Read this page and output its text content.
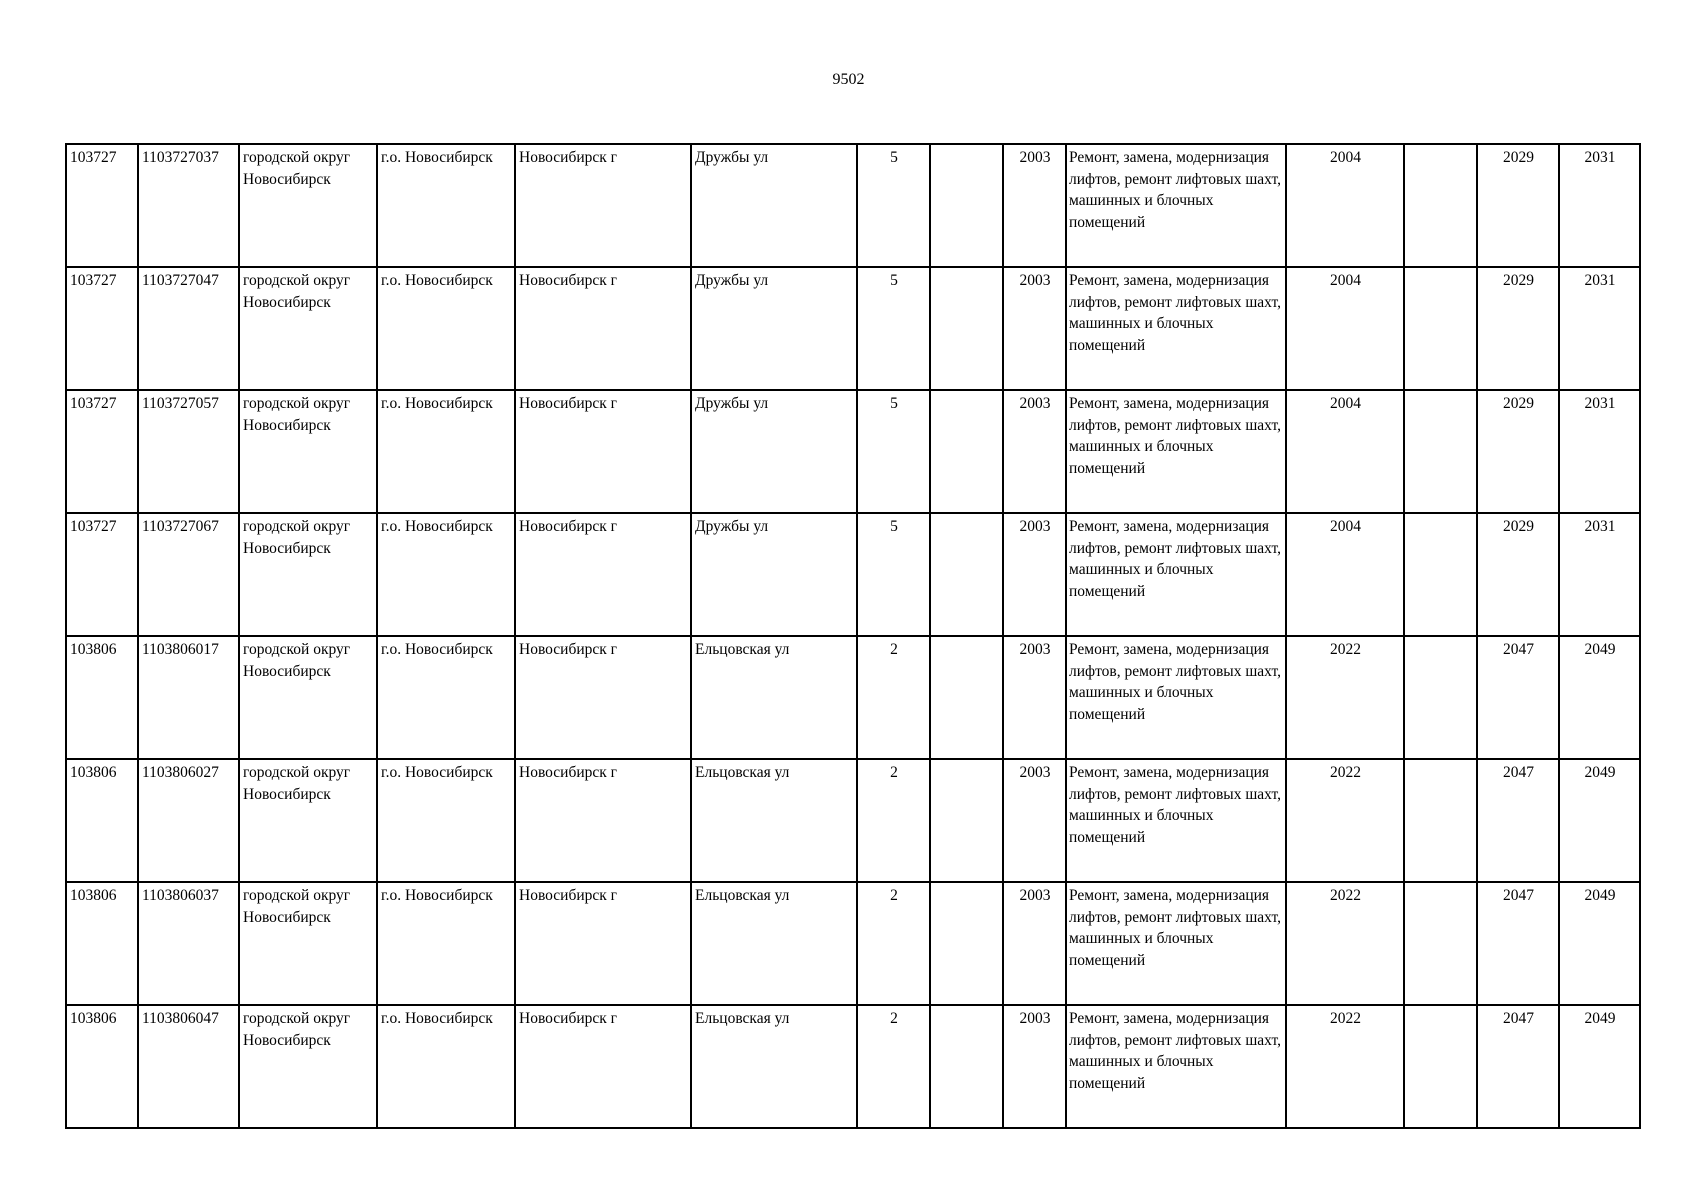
9502
103727	1103727037	городской округ Новосибирск	г.о. Новосибирск	Новосибирск г	Дружбы ул	5		2003	Ремонт, замена, модернизация лифтов, ремонт лифтовых шахт, машинных и блочных помещений	2004		2029	2031
103727	1103727047	городской округ Новосибирск	г.о. Новосибирск	Новосибирск г	Дружбы ул	5		2003	Ремонт, замена, модернизация лифтов, ремонт лифтовых шахт, машинных и блочных помещений	2004		2029	2031
103727	1103727057	городской округ Новосибирск	г.о. Новосибирск	Новосибирск г	Дружбы ул	5		2003	Ремонт, замена, модернизация лифтов, ремонт лифтовых шахт, машинных и блочных помещений	2004		2029	2031
103727	1103727067	городской округ Новосибирск	г.о. Новосибирск	Новосибирск г	Дружбы ул	5		2003	Ремонт, замена, модернизация лифтов, ремонт лифтовых шахт, машинных и блочных помещений	2004		2029	2031
103806	1103806017	городской округ Новосибирск	г.о. Новосибирск	Новосибирск г	Ельцовская ул	2		2003	Ремонт, замена, модернизация лифтов, ремонт лифтовых шахт, машинных и блочных помещений	2022		2047	2049
103806	1103806027	городской округ Новосибирск	г.о. Новосибирск	Новосибирск г	Ельцовская ул	2		2003	Ремонт, замена, модернизация лифтов, ремонт лифтовых шахт, машинных и блочных помещений	2022		2047	2049
103806	1103806037	городской округ Новосибирск	г.о. Новосибирск	Новосибирск г	Ельцовская ул	2		2003	Ремонт, замена, модернизация лифтов, ремонт лифтовых шахт, машинных и блочных помещений	2022		2047	2049
103806	1103806047	городской округ Новосибирск	г.о. Новосибирск	Новосибирск г	Ельцовская ул	2		2003	Ремонт, замена, модернизация лифтов, ремонт лифтовых шахт, машинных и блочных помещений	2022		2047	2049
